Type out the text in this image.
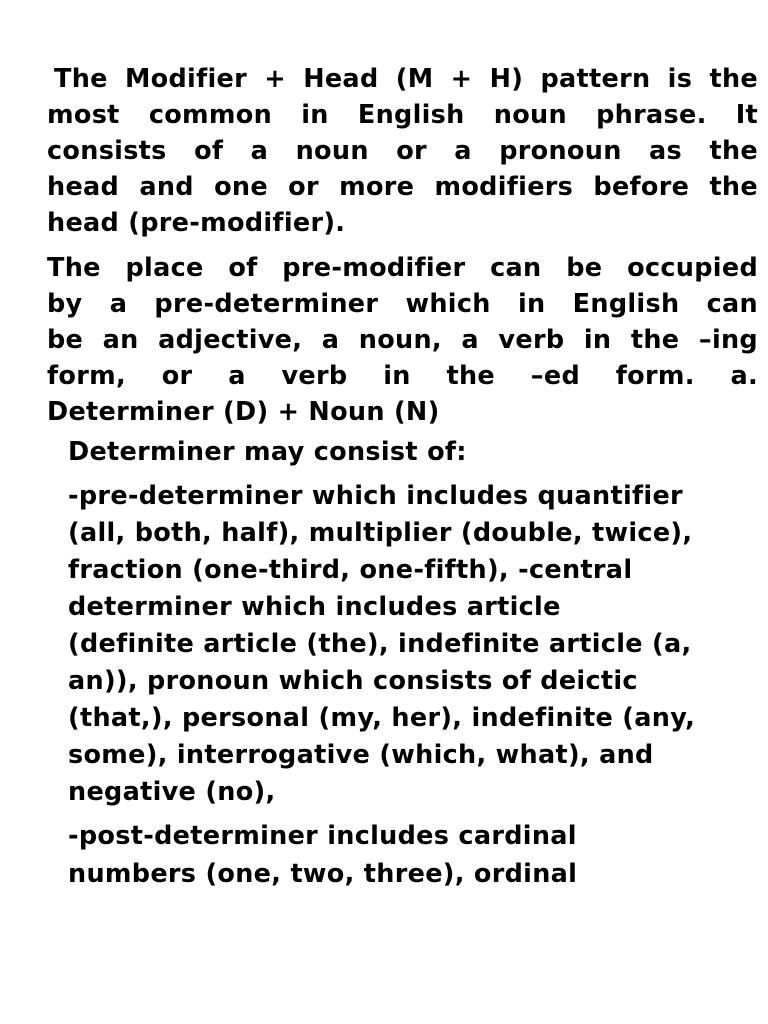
The Modifier + Head (M + H) pattern is the
most common in English noun phrase. It
consists of a noun or a pronoun as the
head and one or more modifiers before the
head (pre-modifier).
The place of pre-modifier can be occupied
by a pre-determiner which in English can
be an adjective, a noun, a verb in the –ing
form, or a verb in the –ed form. a.
Determiner (D) + Noun (N)
Determiner may consist of:
-pre-determiner which includes quantifier
(all, both, half), multiplier (double, twice),
fraction (one-third, one-fifth), -central
determiner which includes article
(definite article (the), indefinite article (a,
an)), pronoun which consists of deictic
(that,), personal (my, her), indefinite (any,
some), interrogative (which, what), and
negative (no),
-post-determiner includes cardinal
numbers (one, two, three), ordinal
